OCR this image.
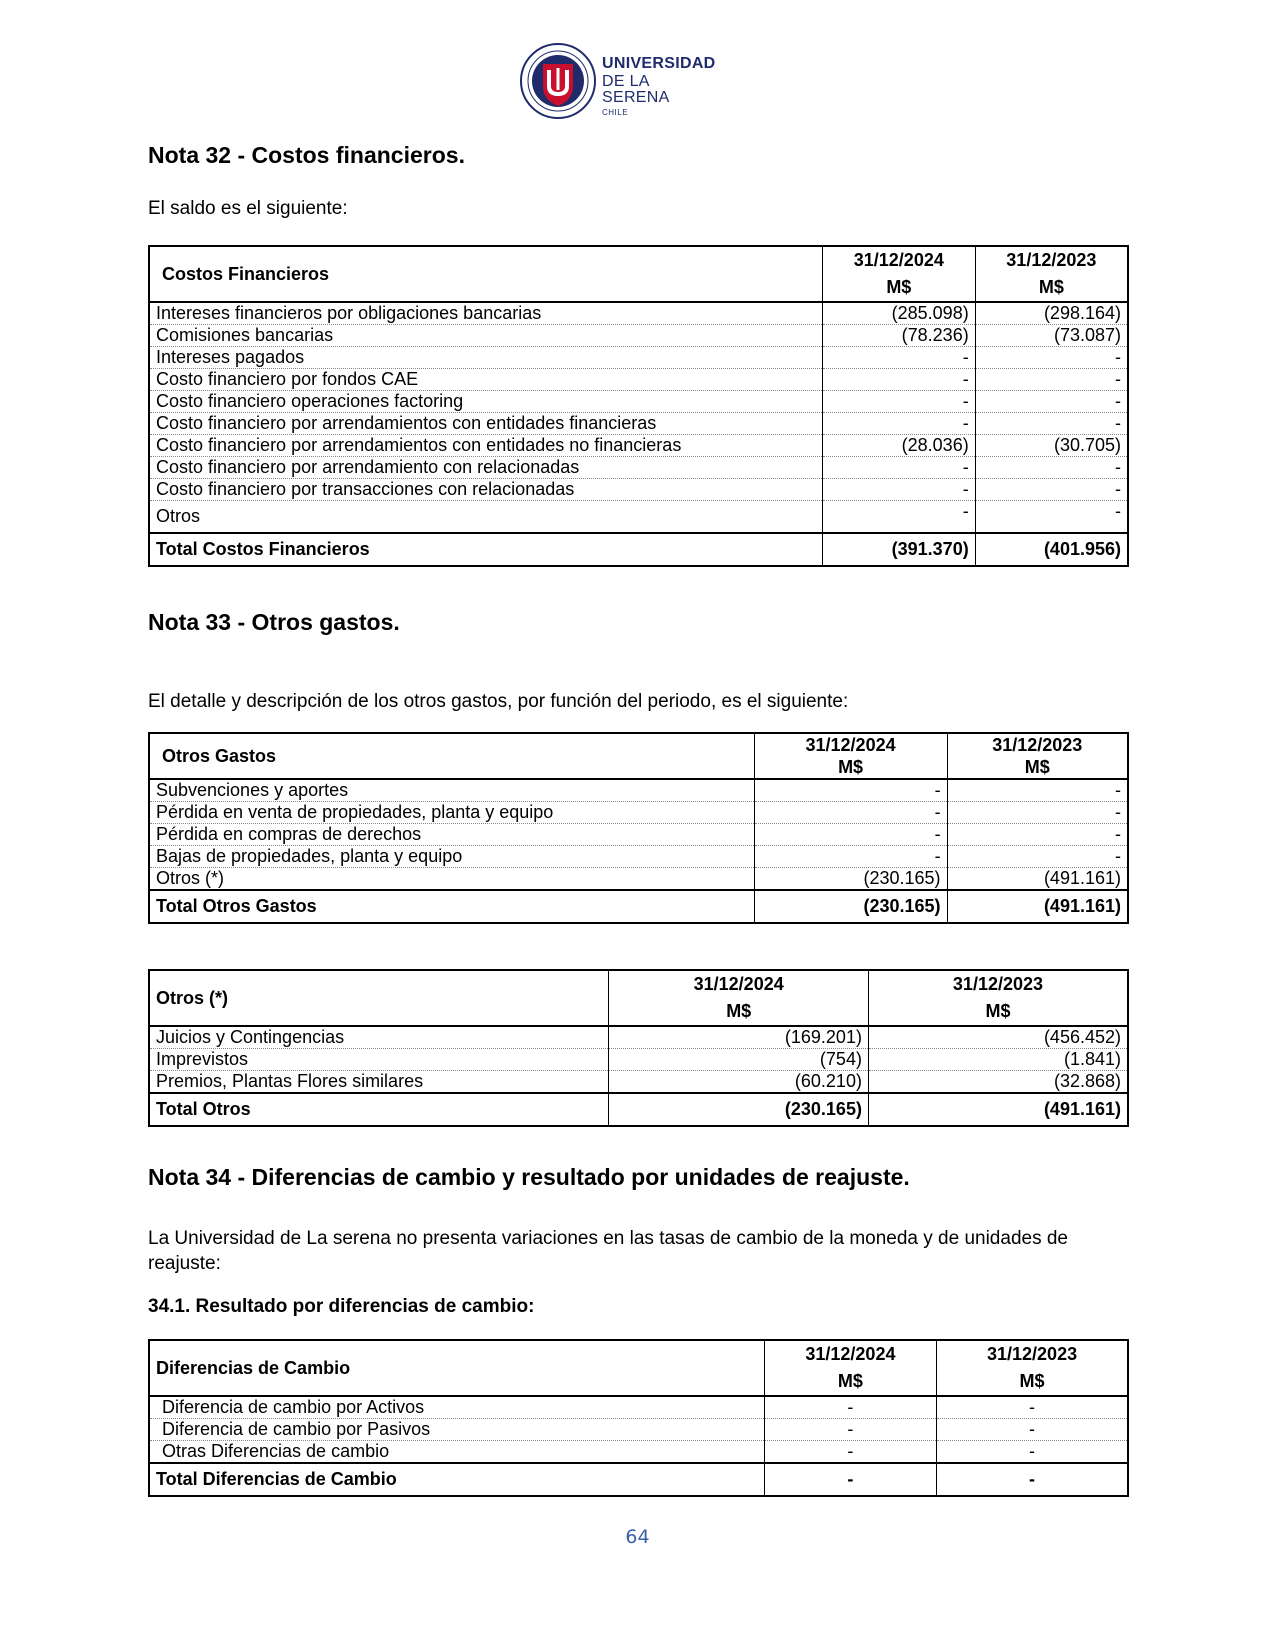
UNIVERSIDAD
DE LA SERENA
CHILE
Nota 32 - Costos financieros.

El saldo es el siguiente:

Costos Financieros	31/12/2024	31/12/2023
	M$	M$
Intereses financieros por obligaciones bancarias	(285.098)	(298.164)
Comisiones bancarias	(78.236)	(73.087)
Intereses pagados	-	-
Costo financiero por fondos CAE	-	-
Costo financiero operaciones factoring	-	-
Costo financiero por arrendamientos con entidades financieras	-	-
Costo financiero por arrendamientos con entidades no financieras	(28.036)	(30.705)
Costo financiero por arrendamiento con relacionadas	-	-
Costo financiero por transacciones con relacionadas	-	-
Otros	-	-
Total Costos Financieros	(391.370)	(401.956)
Nota 33 - Otros gastos.

El detalle y descripción de los otros gastos, por función del periodo, es el siguiente:

Otros Gastos	31/12/2024	31/12/2023
	M$	M$
Subvenciones y aportes	-	-
Pérdida en venta de propiedades, planta y equipo	-	-
Pérdida en compras de derechos	-	-
Bajas de propiedades, planta y equipo	-	-
Otros (*)	(230.165)	(491.161)
Total Otros Gastos	(230.165)	(491.161)
Otros (*)	31/12/2024	31/12/2023
	M$	M$
Juicios y Contingencias	(169.201)	(456.452)
Imprevistos	(754)	(1.841)
Premios, Plantas Flores similares	(60.210)	(32.868)
Total Otros	(230.165)	(491.161)
Nota 34 - Diferencias de cambio y resultado por unidades de reajuste.

La Universidad de La serena no presenta variaciones en las tasas de cambio de la moneda y de unidades de reajuste:

34.1. Resultado por diferencias de cambio:

Diferencias de Cambio	31/12/2024	31/12/2023
	M$	M$
Diferencia de cambio por Activos	-	-
Diferencia de cambio por Pasivos	-	-
Otras Diferencias de cambio	-	-
Total Diferencias de Cambio	-	-
64
